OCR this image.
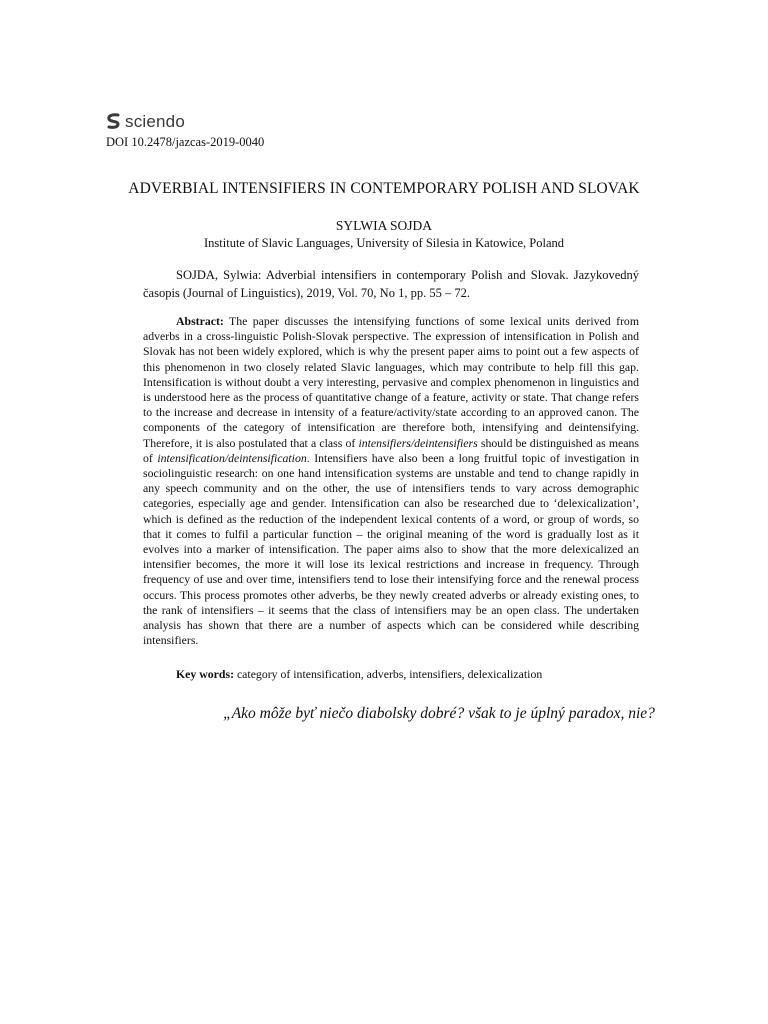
sciendo
DOI 10.2478/jazcas-2019-0040
ADVERBIAL INTENSIFIERS IN CONTEMPORARY POLISH AND SLOVAK
SYLWIA SOJDA
Institute of Slavic Languages, University of Silesia in Katowice, Poland
SOJDA, Sylwia: Adverbial intensifiers in contemporary Polish and Slovak. Jazykovedný časopis (Journal of Linguistics), 2019, Vol. 70, No 1, pp. 55 – 72.
Abstract: The paper discusses the intensifying functions of some lexical units derived from adverbs in a cross-linguistic Polish-Slovak perspective. The expression of intensification in Polish and Slovak has not been widely explored, which is why the present paper aims to point out a few aspects of this phenomenon in two closely related Slavic languages, which may contribute to help fill this gap. Intensification is without doubt a very interesting, pervasive and complex phenomenon in linguistics and is understood here as the process of quantitative change of a feature, activity or state. That change refers to the increase and decrease in intensity of a feature/activity/state according to an approved canon. The components of the category of intensification are therefore both, intensifying and deintensifying. Therefore, it is also postulated that a class of intensifiers/deintensifiers should be distinguished as means of intensification/deintensification. Intensifiers have also been a long fruitful topic of investigation in sociolinguistic research: on one hand intensification systems are unstable and tend to change rapidly in any speech community and on the other, the use of intensifiers tends to vary across demographic categories, especially age and gender. Intensification can also be researched due to ‘delexicalization’, which is defined as the reduction of the independent lexical contents of a word, or group of words, so that it comes to fulfil a particular function – the original meaning of the word is gradually lost as it evolves into a marker of intensification. The paper aims also to show that the more delexicalized an intensifier becomes, the more it will lose its lexical restrictions and increase in frequency. Through frequency of use and over time, intensifiers tend to lose their intensifying force and the renewal process occurs. This process promotes other adverbs, be they newly created adverbs or already existing ones, to the rank of intensifiers – it seems that the class of intensifiers may be an open class. The undertaken analysis has shown that there are a number of aspects which can be considered while describing intensifiers.
Key words: category of intensification, adverbs, intensifiers, delexicalization
„Ako môže byť niečo diabolsky dobré? však to je úplný paradox, nie?
